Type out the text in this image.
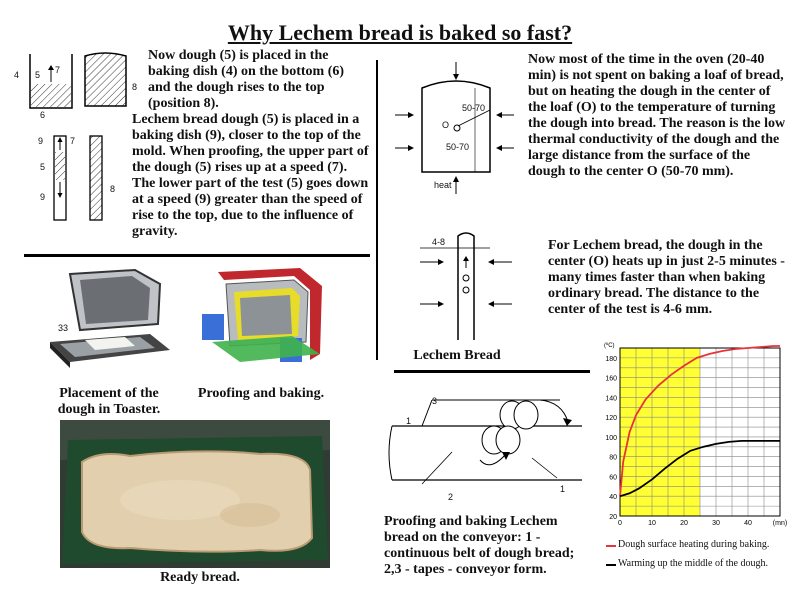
Why Lechem bread is baked so fast?
4 5
6
7
8
Now dough (5) is placed in the baking dish (4) on the bottom (6) and the dough rises to the top (position 8).
9	7
5
9
8
Lechem bread dough (5) is placed in a baking dish (9), closer to the top of the mold. When proofing, the upper part of the dough (5) rises up at a speed (7). The lower part of the test (5) goes down at a speed (9) greater than the speed of rise to the top, due to the influence of gravity.
33
Placement of the dough in Toaster.
Proofing and baking.
Ready bread.
50-70
50-70
O
heat
Now most of the time in the oven (20-40 min) is not spent on baking a loaf of bread, but on heating the dough in the center of the loaf (O) to the temperature of turning the dough into bread. The reason is the low thermal conductivity of the dough and the large distance from the surface of the dough to the center O (50-70 mm).
4-8
Lechem Bread
For Lechem bread, the dough in the center (O) heats up in just 2-5 minutes - many times faster than when baking ordinary bread. The distance to the center of the test is 4-6 mm.
3
1
2
1
Proofing and baking Lechem bread on the conveyor: 1 - continuous belt of dough bread; 2,3 - tapes - conveyor form.
20
40
60
80
100
120
140
160
180
(ºC)
0	10	20	30	40	(mn)
Dough surface heating during baking.
Warming up the middle of the dough.
